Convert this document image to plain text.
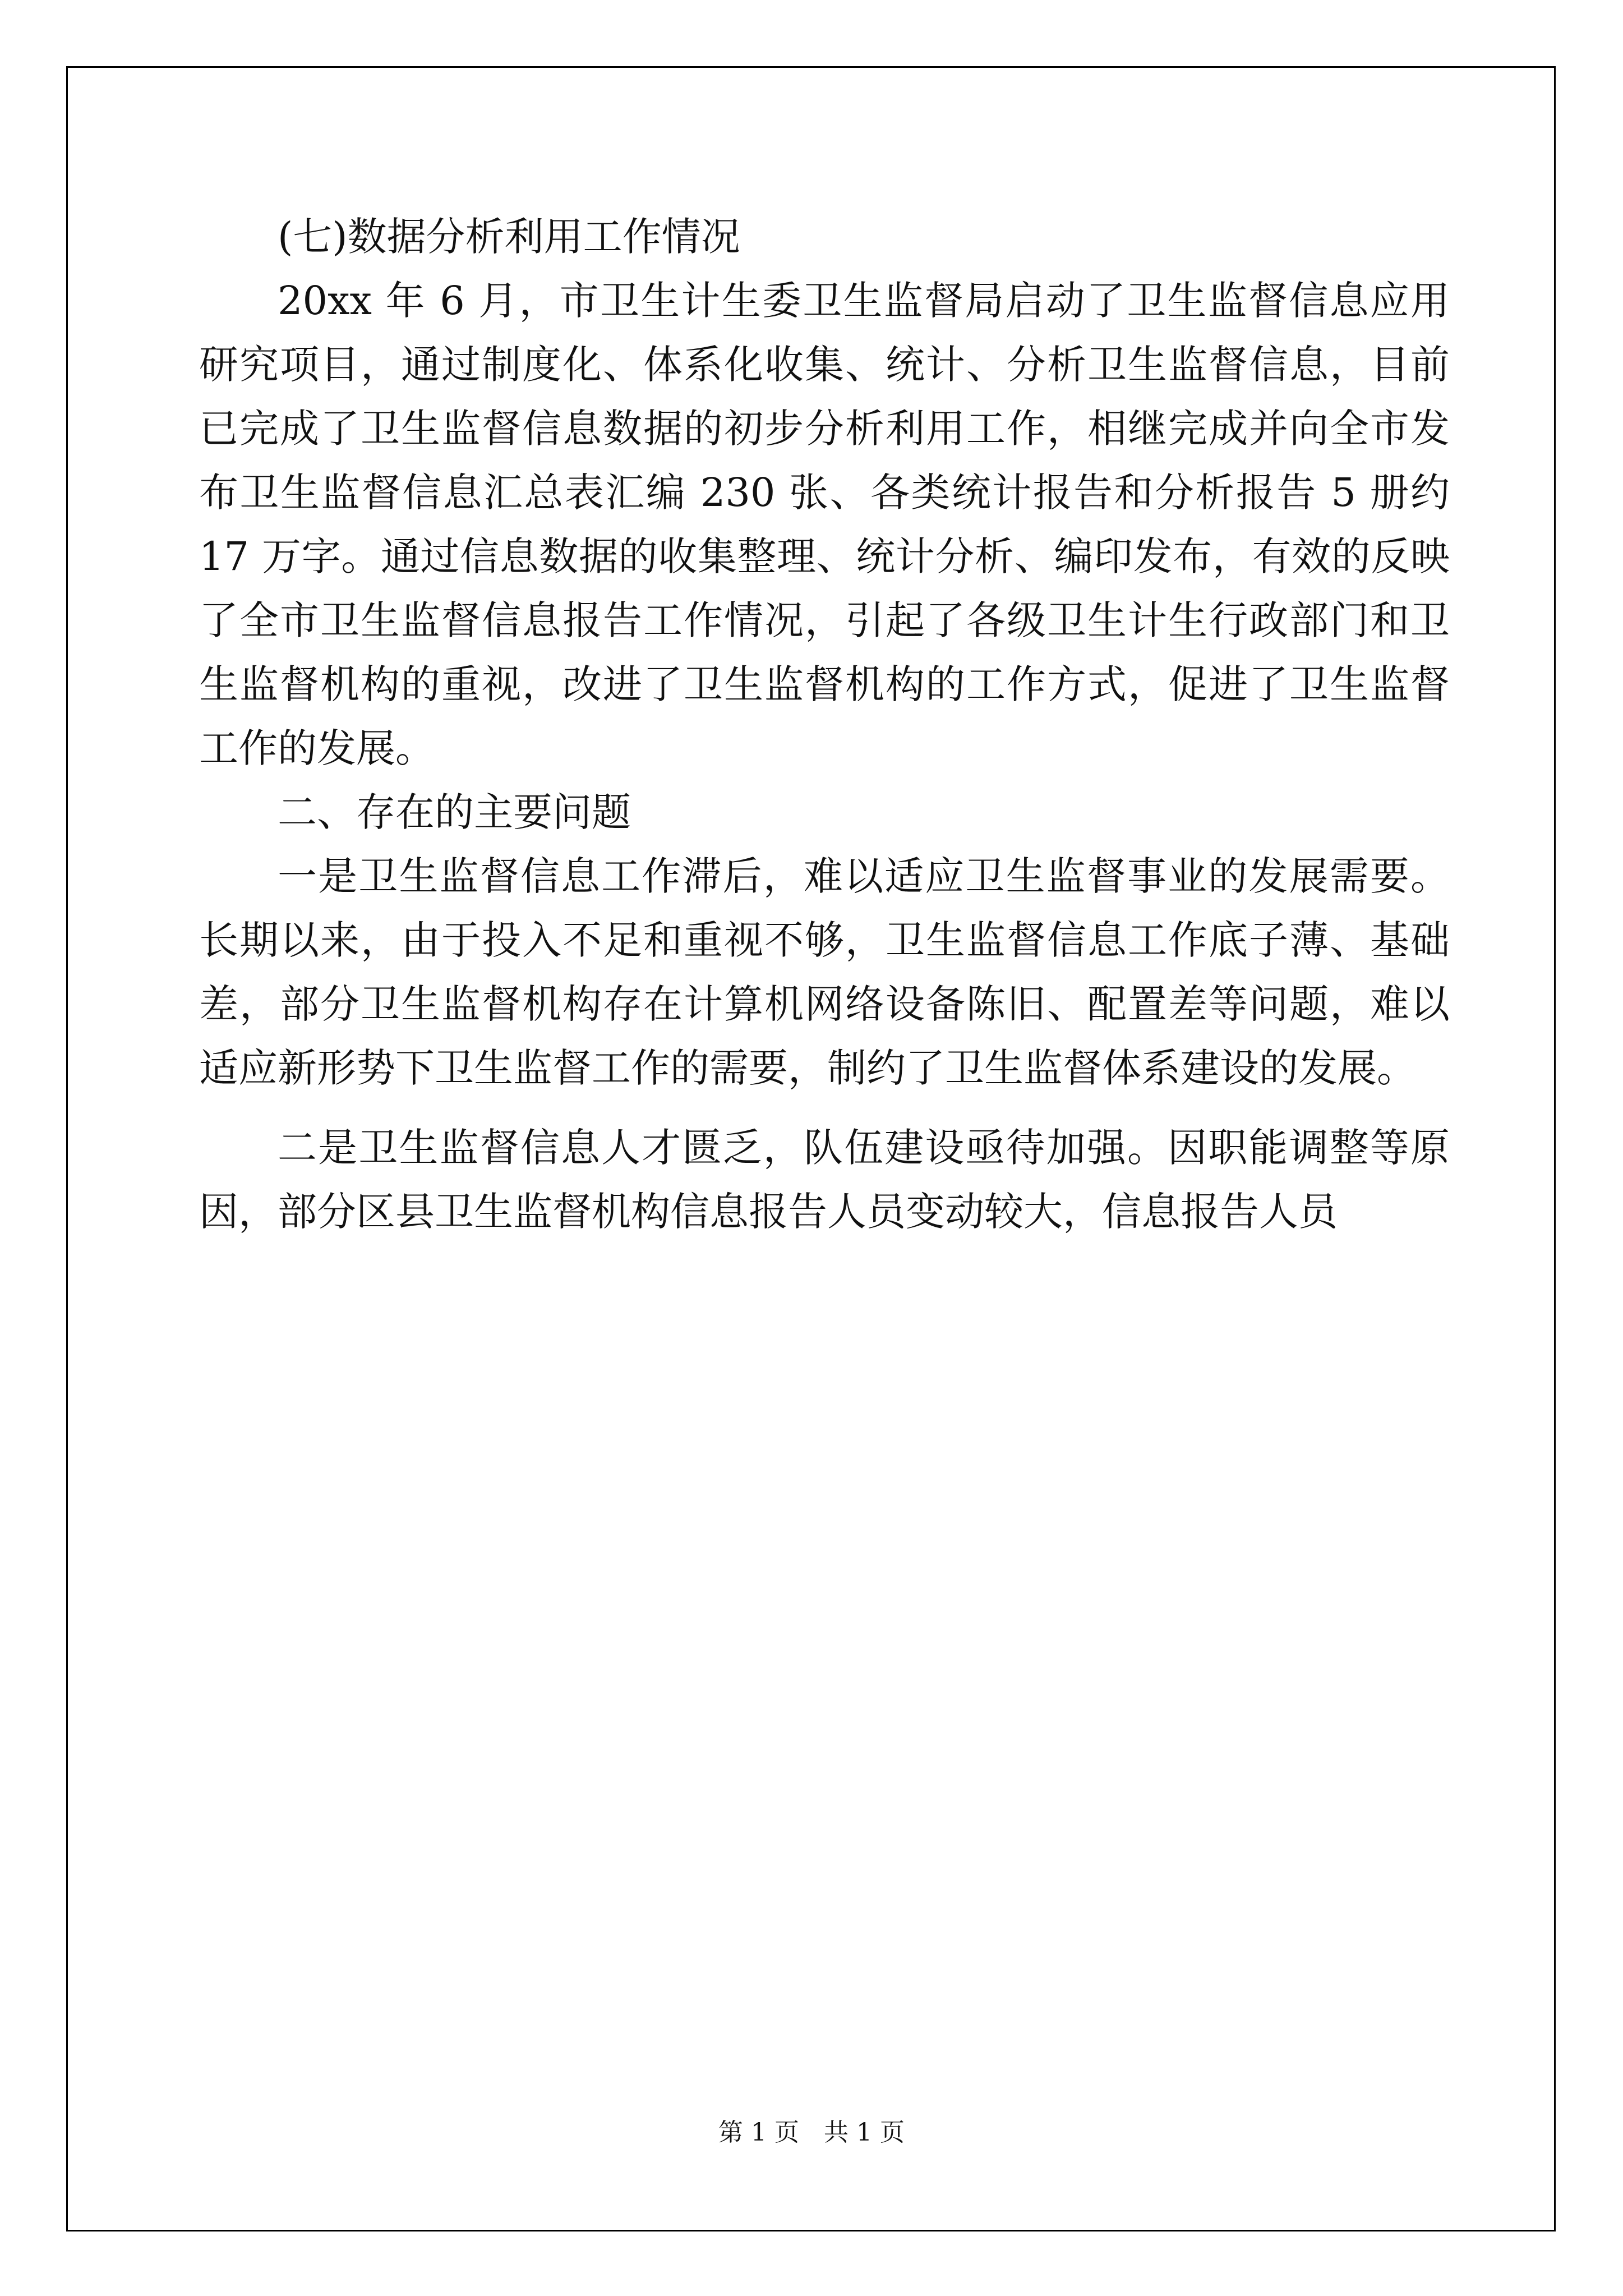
(七)数据分析利用工作情况

20xx 年 6 月，市卫生计生委卫生监督局启动了卫生监督信息应用研究项目，通过制度化、体系化收集、统计、分析卫生监督信息，目前已完成了卫生监督信息数据的初步分析利用工作，相继完成并向全市发布卫生监督信息汇总表汇编 230 张、各类统计报告和分析报告 5 册约 17 万字。通过信息数据的收集整理、统计分析、编印发布，有效的反映了全市卫生监督信息报告工作情况，引起了各级卫生计生行政部门和卫生监督机构的重视，改进了卫生监督机构的工作方式，促进了卫生监督工作的发展。

二、存在的主要问题

一是卫生监督信息工作滞后，难以适应卫生监督事业的发展需要。长期以来，由于投入不足和重视不够，卫生监督信息工作底子薄、基础差，部分卫生监督机构存在计算机网络设备陈旧、配置差等问题，难以适应新形势下卫生监督工作的需要，制约了卫生监督体系建设的发展。

二是卫生监督信息人才匮乏，队伍建设亟待加强。因职能调整等原因，部分区县卫生监督机构信息报告人员变动较大，信息报告人员

第 1 页　共 1 页
